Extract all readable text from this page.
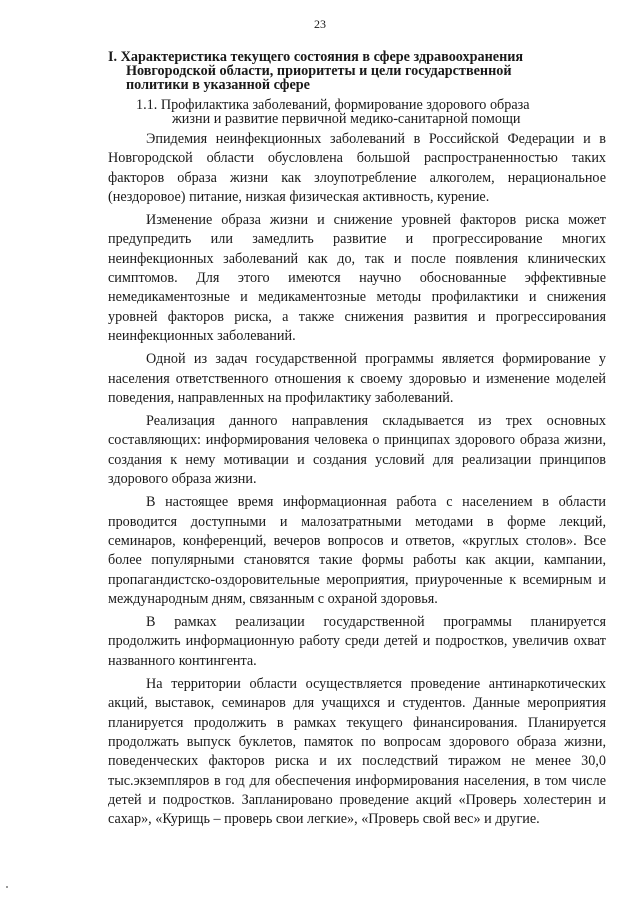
23
I. Характеристика текущего состояния в сфере здравоохранения
Новгородской области, приоритеты и цели государственной
политики в указанной сфере
1.1. Профилактика заболеваний, формирование здорового образа
жизни и развитие первичной медико-санитарной помощи

Эпидемия неинфекционных заболеваний в Российской Федерации и в Новгородской области обусловлена большой распространенностью таких факторов образа жизни как злоупотребление алкоголем, нерациональное (нездоровое) питание, низкая физическая активность, курение.

Изменение образа жизни и снижение уровней факторов риска может предупредить или замедлить развитие и прогрессирование многих неинфекционных заболеваний как до, так и после появления клинических симптомов. Для этого имеются научно обоснованные эффективные немедикаментозные и медикаментозные методы профилактики и снижения уровней факторов риска, а также снижения развития и прогрессирования неинфекционных заболеваний.

Одной из задач государственной программы является формирование у населения ответственного отношения к своему здоровью и изменение моделей поведения, направленных на профилактику заболеваний.

Реализация данного направления складывается из трех основных составляющих: информирования человека о принципах здорового образа жизни, создания к нему мотивации и создания условий для реализации принципов здорового образа жизни.

В настоящее время информационная работа с населением в области проводится доступными и малозатратными методами в форме лекций, семинаров, конференций, вечеров вопросов и ответов, «круглых столов». Все более популярными становятся такие формы работы как акции, кампании, пропагандистско-оздоровительные мероприятия, приуроченные к всемирным и международным дням, связанным с охраной здоровья.

В рамках реализации государственной программы планируется продолжить информационную работу среди детей и подростков, увеличив охват названного контингента.

На территории области осуществляется проведение антинаркотических акций, выставок, семинаров для учащихся и студентов. Данные мероприятия планируется продолжить в рамках текущего финансирования. Планируется продолжать выпуск буклетов, памяток по вопросам здорового образа жизни, поведенческих факторов риска и их последствий тиражом не менее 30,0 тыс.экземпляров в год для обеспечения информирования населения, в том числе детей и подростков. Запланировано проведение акций «Проверь холестерин и сахар», «Курищь – проверь свои легкие», «Проверь свой вес» и другие.
